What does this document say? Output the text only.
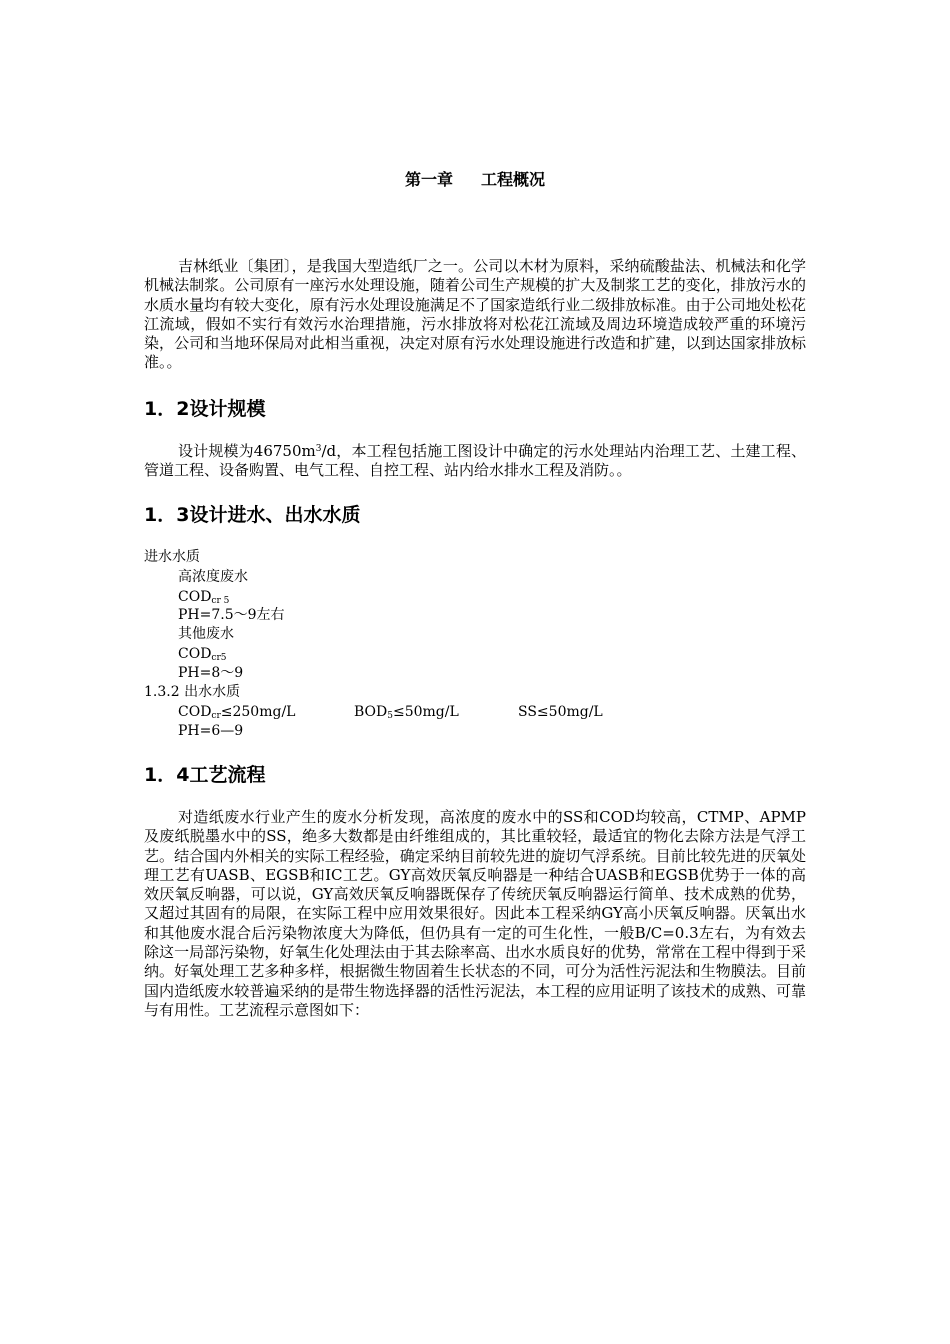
第一章 工程概况

吉林纸业〔集团〕，是我国大型造纸厂之一。公司以木材为原料，采纳硫酸盐法、机械法和化学机械法制浆。公司原有一座污水处理设施，随着公司生产规模的扩大及制浆工艺的变化，排放污水的水质水量均有较大变化，原有污水处理设施满足不了国家造纸行业二级排放标准。由于公司地处松花江流域，假如不实行有效污水治理措施，污水排放将对松花江流域及周边环境造成较严重的环境污染，公司和当地环保局对此相当重视，决定对原有污水处理设施进行改造和扩建，以到达国家排放标准。。

1．2设计规模

设计规模为$46750m^3/d$，本工程包括施工图设计中确定的污水处理站内治理工艺、土建工程、管道工程、设备购置、电气工程、自控工程、站内给水排水工程及消防。。

1．3设计进水、出水水质
进水水质
高浓度废水
$COD_{cr 5}$
PH=7.5～9左右
其他废水
$COD_{cr5}$
PH=8～9
1.3.2 出水水质
$COD_{cr}\le 250mg/L$	$BOD_5\le 50mg/L$	SS≤50mg/L
PH=6—9
1．4工艺流程

对造纸废水行业产生的废水分析发现，高浓度的废水中的SS和COD均较高，CTMP、APMP及废纸脱墨水中的SS，绝多大数都是由纤维组成的，其比重较轻，最适宜的物化去除方法是气浮工艺。结合国内外相关的实际工程经验，确定采纳目前较先进的旋切气浮系统。目前比较先进的厌氧处理工艺有UASB、EGSB和IC工艺。GY高效厌氧反响器是一种结合UASB和EGSB优势于一体的高效厌氧反响器，可以说，GY高效厌氧反响器既保存了传统厌氧反响器运行简单、技术成熟的优势，又超过其固有的局限，在实际工程中应用效果很好。因此本工程采纳GY高小厌氧反响器。厌氧出水和其他废水混合后污染物浓度大为降低，但仍具有一定的可生化性，一般B/C=0.3左右，为有效去除这一局部污染物，好氧生化处理法由于其去除率高、出水水质良好的优势，常常在工程中得到于采纳。好氧处理工艺多种多样，根据微生物固着生长状态的不同，可分为活性污泥法和生物膜法。目前国内造纸废水较普遍采纳的是带生物选择器的活性污泥法，本工程的应用证明了该技术的成熟、可靠与有用性。工艺流程示意图如下：
